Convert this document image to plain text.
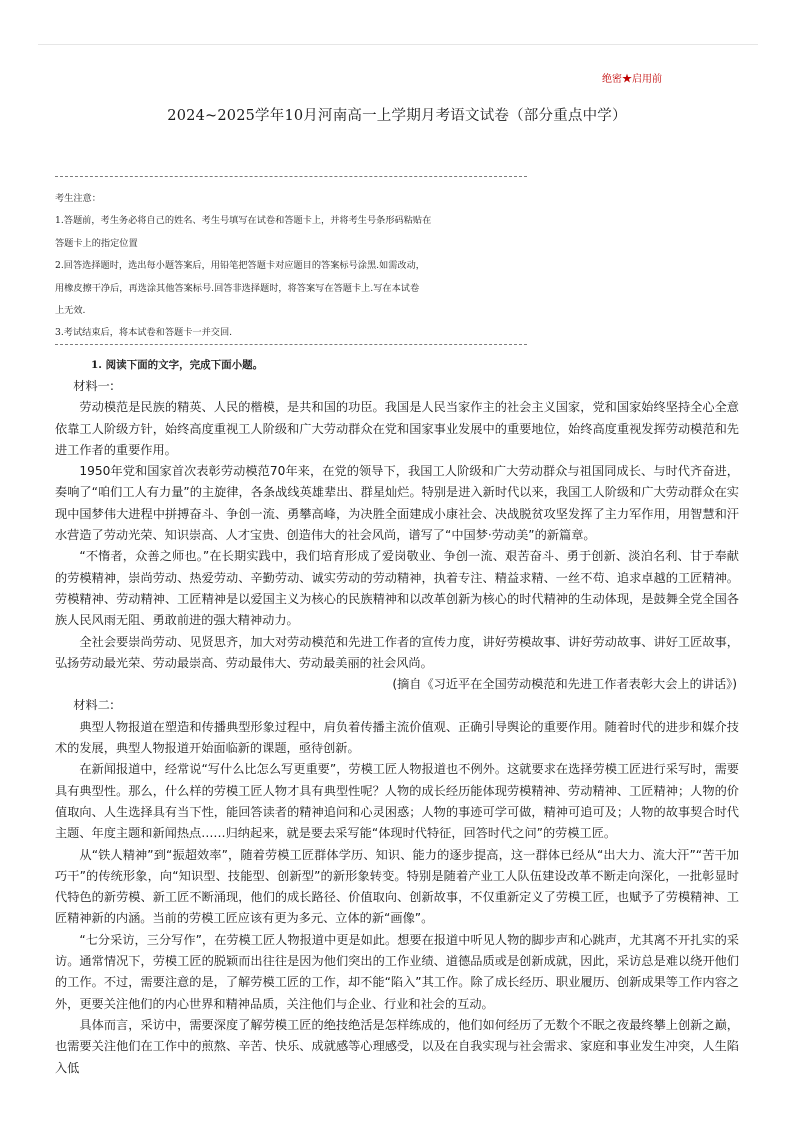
绝密★启用前
2024~2025学年10月河南高一上学期月考语文试卷（部分重点中学）
考生注意：
1.答题前，考生务必将自己的姓名、考生号填写在试卷和答题卡上，并将考生号条形码粘贴在
答题卡上的指定位置
2.回答选择题时，选出每小题答案后，用铅笔把答题卡对应题目的答案标号涂黑.如需改动，
用橡皮擦干净后，再选涂其他答案标号.回答非选择题时，将答案写在答题卡上.写在本试卷
上无效.
3.考试结束后，将本试卷和答题卡一并交回.
1. 阅读下面的文字，完成下面小题。

材料一:

劳动模范是民族的精英、人民的楷模，是共和国的功臣。我国是人民当家作主的社会主义国家，党和国家始终坚持全心全意依靠工人阶级方针，始终高度重视工人阶级和广大劳动群众在党和国家事业发展中的重要地位，始终高度重视发挥劳动模范和先进工作者的重要作用。

1950年党和国家首次表彰劳动模范70年来，在党的领导下，我国工人阶级和广大劳动群众与祖国同成长、与时代齐奋进，奏响了“咱们工人有力量”的主旋律，各条战线英雄辈出、群星灿烂。特别是进入新时代以来，我国工人阶级和广大劳动群众在实现中国梦伟大进程中拼搏奋斗、争创一流、勇攀高峰，为决胜全面建成小康社会、决战脱贫攻坚发挥了主力军作用，用智慧和汗水营造了劳动光荣、知识崇高、人才宝贵、创造伟大的社会风尚，谱写了“中国梦·劳动美”的新篇章。

“不惰者，众善之师也。”在长期实践中，我们培育形成了爱岗敬业、争创一流、艰苦奋斗、勇于创新、淡泊名利、甘于奉献的劳模精神，崇尚劳动、热爱劳动、辛勤劳动、诚实劳动的劳动精神，执着专注、精益求精、一丝不苟、追求卓越的工匠精神。劳模精神、劳动精神、工匠精神是以爱国主义为核心的民族精神和以改革创新为核心的时代精神的生动体现，是鼓舞全党全国各族人民风雨无阻、勇敢前进的强大精神动力。

全社会要崇尚劳动、见贤思齐，加大对劳动模范和先进工作者的宣传力度，讲好劳模故事、讲好劳动故事、讲好工匠故事，弘扬劳动最光荣、劳动最崇高、劳动最伟大、劳动最美丽的社会风尚。

(摘自《习近平在全国劳动模范和先进工作者表彰大会上的讲话》)

材料二:

典型人物报道在塑造和传播典型形象过程中，肩负着传播主流价值观、正确引导舆论的重要作用。随着时代的进步和媒介技术的发展，典型人物报道开始面临新的课题，亟待创新。

在新闻报道中，经常说“写什么比怎么写更重要”，劳模工匠人物报道也不例外。这就要求在选择劳模工匠进行采写时，需要具有典型性。那么，什么样的劳模工匠人物才具有典型性呢？人物的成长经历能体现劳模精神、劳动精神、工匠精神；人物的价值取向、人生选择具有当下性，能回答读者的精神追问和心灵困惑；人物的事迹可学可做，精神可追可及；人物的故事契合时代主题、年度主题和新闻热点……归纳起来，就是要去采写能“体现时代特征，回答时代之问”的劳模工匠。

从“铁人精神”到“振超效率”，随着劳模工匠群体学历、知识、能力的逐步提高，这一群体已经从“出大力、流大汗”“苦干加巧干”的传统形象，向“知识型、技能型、创新型”的新形象转变。特别是随着产业工人队伍建设改革不断走向深化，一批彰显时代特色的新劳模、新工匠不断涌现，他们的成长路径、价值取向、创新故事，不仅重新定义了劳模工匠，也赋予了劳模精神、工匠精神新的内涵。当前的劳模工匠应该有更为多元、立体的新“画像”。

“七分采访，三分写作”，在劳模工匠人物报道中更是如此。想要在报道中听见人物的脚步声和心跳声，尤其离不开扎实的采访。通常情况下，劳模工匠的脱颖而出往往是因为他们突出的工作业绩、道德品质或是创新成就，因此，采访总是难以绕开他们的工作。不过，需要注意的是，了解劳模工匠的工作，却不能“陷入”其工作。除了成长经历、职业履历、创新成果等工作内容之外，更要关注他们的内心世界和精神品质，关注他们与企业、行业和社会的互动。

具体而言，采访中，需要深度了解劳模工匠的绝技绝活是怎样练成的，他们如何经历了无数个不眠之夜最终攀上创新之巅，也需要关注他们在工作中的煎熬、辛苦、快乐、成就感等心理感受，以及在自我实现与社会需求、家庭和事业发生冲突，人生陷入低
